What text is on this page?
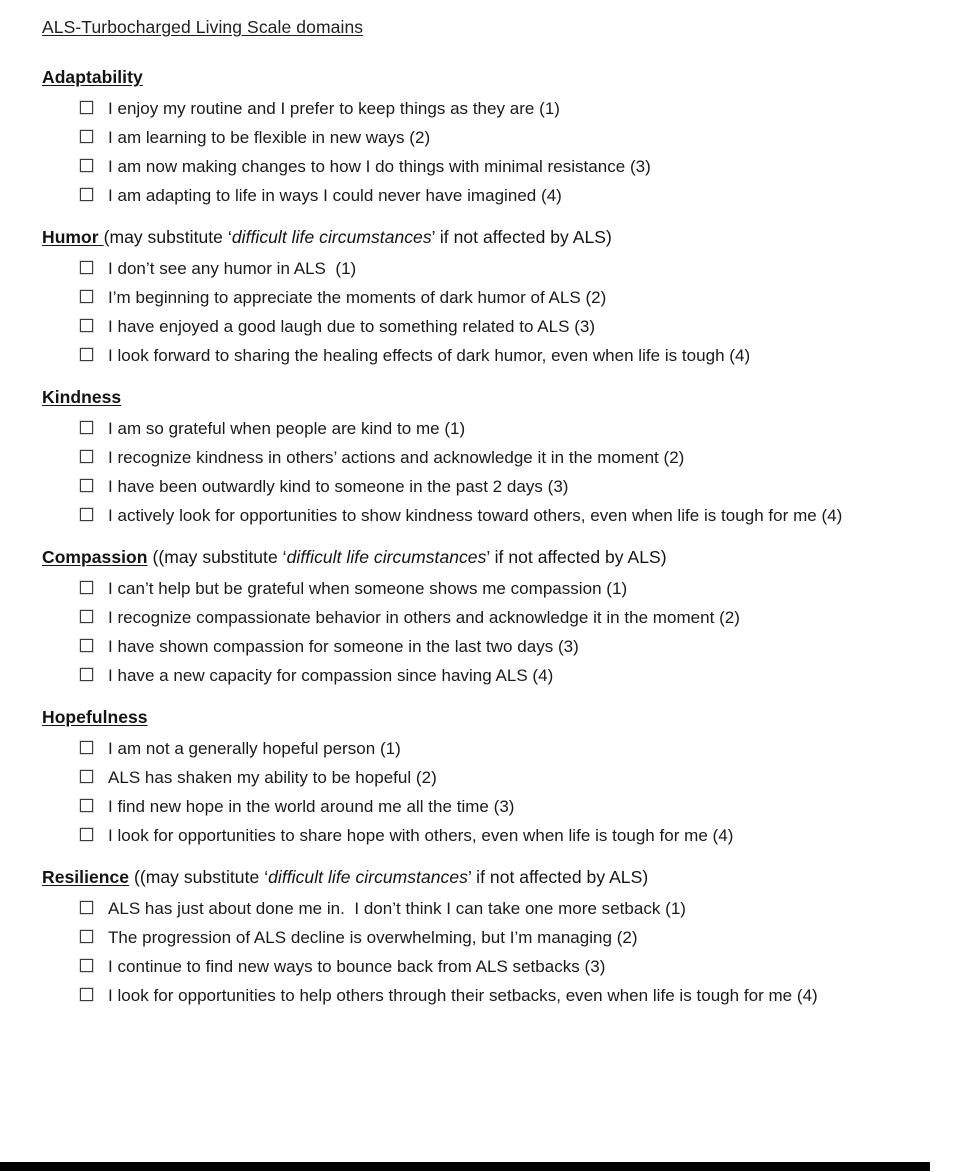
ALS-Turbocharged Living Scale domains
Adaptability
I enjoy my routine and I prefer to keep things as they are (1)
I am learning to be flexible in new ways (2)
I am now making changes to how I do things with minimal resistance (3)
I am adapting to life in ways I could never have imagined (4)
Humor (may substitute ‘difficult life circumstances’ if not affected by ALS)
I don’t see any humor in ALS  (1)
I’m beginning to appreciate the moments of dark humor of ALS (2)
I have enjoyed a good laugh due to something related to ALS (3)
I look forward to sharing the healing effects of dark humor, even when life is tough (4)
Kindness
I am so grateful when people are kind to me (1)
I recognize kindness in others’ actions and acknowledge it in the moment (2)
I have been outwardly kind to someone in the past 2 days (3)
I actively look for opportunities to show kindness toward others, even when life is tough for me (4)
Compassion ((may substitute ‘difficult life circumstances’ if not affected by ALS)
I can’t help but be grateful when someone shows me compassion (1)
I recognize compassionate behavior in others and acknowledge it in the moment (2)
I have shown compassion for someone in the last two days (3)
I have a new capacity for compassion since having ALS (4)
Hopefulness
I am not a generally hopeful person (1)
ALS has shaken my ability to be hopeful (2)
I find new hope in the world around me all the time (3)
I look for opportunities to share hope with others, even when life is tough for me (4)
Resilience ((may substitute ‘difficult life circumstances’ if not affected by ALS)
ALS has just about done me in.  I don’t think I can take one more setback (1)
The progression of ALS decline is overwhelming, but I’m managing (2)
I continue to find new ways to bounce back from ALS setbacks (3)
I look for opportunities to help others through their setbacks, even when life is tough for me (4)
